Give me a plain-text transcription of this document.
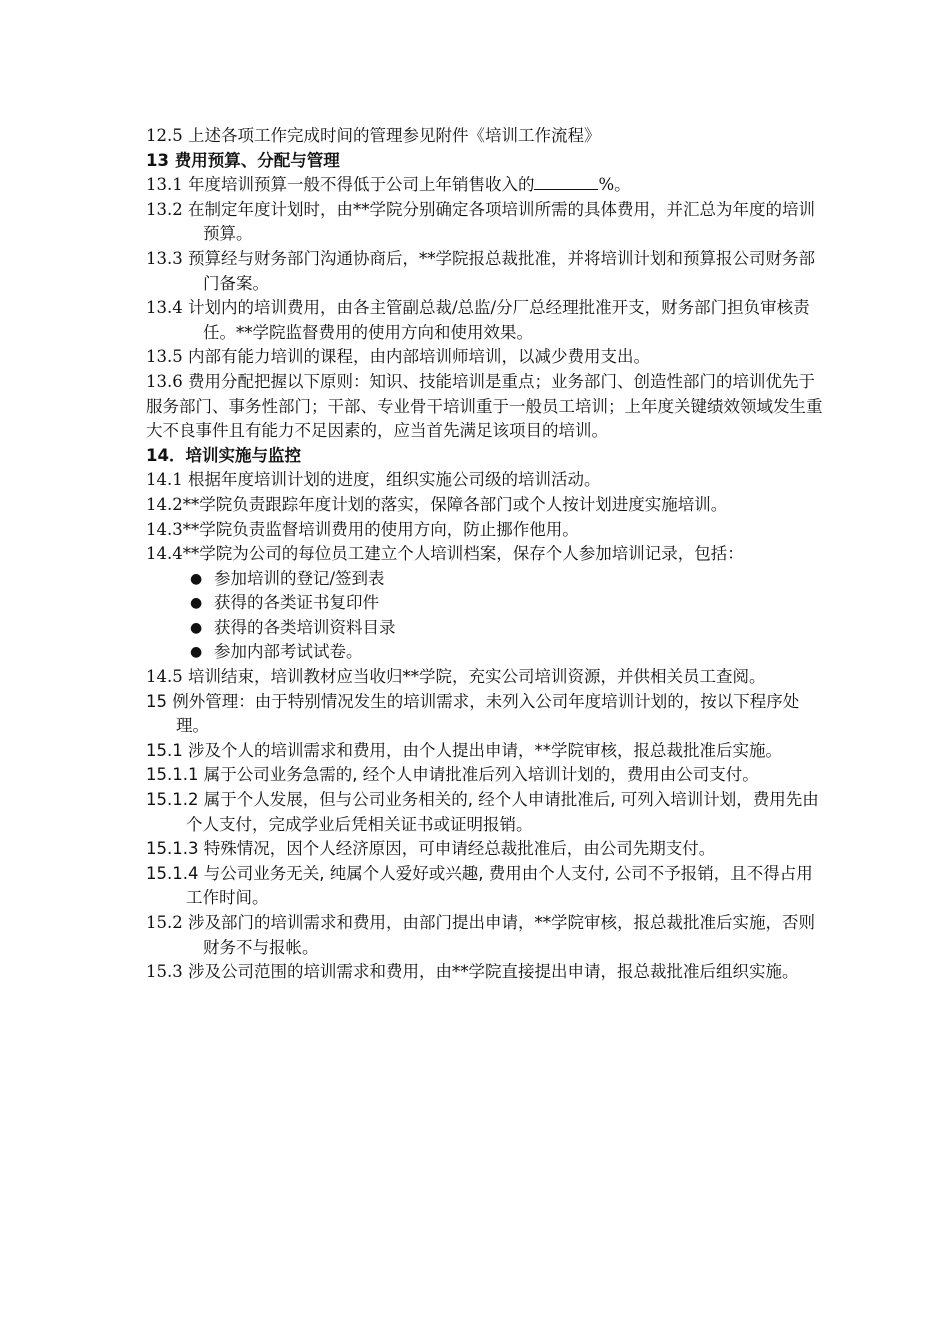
12.5 上述各项工作完成时间的管理参见附件《培训工作流程》

13 费用预算、分配与管理

13.1 年度培训预算一般不得低于公司上年销售收入的	%。

13.2 在制定年度计划时，由**学院分别确定各项培训所需的具体费用，并汇总为年度的培训预算。

13.3 预算经与财务部门沟通协商后，**学院报总裁批准，并将培训计划和预算报公司财务部门备案。

13.4 计划内的培训费用，由各主管副总裁/总监/分厂总经理批准开支，财务部门担负审核责任。**学院监督费用的使用方向和使用效果。

13.5 内部有能力培训的课程，由内部培训师培训，以减少费用支出。

13.6 费用分配把握以下原则：知识、技能培训是重点；业务部门、创造性部门的培训优先于服务部门、事务性部门；干部、专业骨干培训重于一般员工培训；上年度关键绩效领域发生重大不良事件且有能力不足因素的，应当首先满足该项目的培训。

14．培训实施与监控

14.1 根据年度培训计划的进度，组织实施公司级的培训活动。

14.2**学院负责跟踪年度计划的落实，保障各部门或个人按计划进度实施培训。

14.3**学院负责监督培训费用的使用方向，防止挪作他用。

14.4**学院为公司的每位员工建立个人培训档案，保存个人参加培训记录，包括：

● 参加培训的登记/签到表
● 获得的各类证书复印件
● 获得的各类培训资料目录
● 参加内部考试试卷。

14.5 培训结束，培训教材应当收归**学院，充实公司培训资源，并供相关员工查阅。

15 例外管理：由于特别情况发生的培训需求，未列入公司年度培训计划的，按以下程序处理。

15.1 涉及个人的培训需求和费用，由个人提出申请，**学院审核，报总裁批准后实施。

15.1.1 属于公司业务急需的, 经个人申请批准后列入培训计划的，费用由公司支付。

15.1.2 属于个人发展，但与公司业务相关的, 经个人申请批准后, 可列入培训计划，费用先由个人支付，完成学业后凭相关证书或证明报销。

15.1.3 特殊情况，因个人经济原因，可申请经总裁批准后，由公司先期支付。

15.1.4 与公司业务无关, 纯属个人爱好或兴趣, 费用由个人支付, 公司不予报销，且不得占用工作时间。

15.2 涉及部门的培训需求和费用，由部门提出申请，**学院审核，报总裁批准后实施，否则财务不与报帐。

15.3 涉及公司范围的培训需求和费用，由**学院直接提出申请，报总裁批准后组织实施。
